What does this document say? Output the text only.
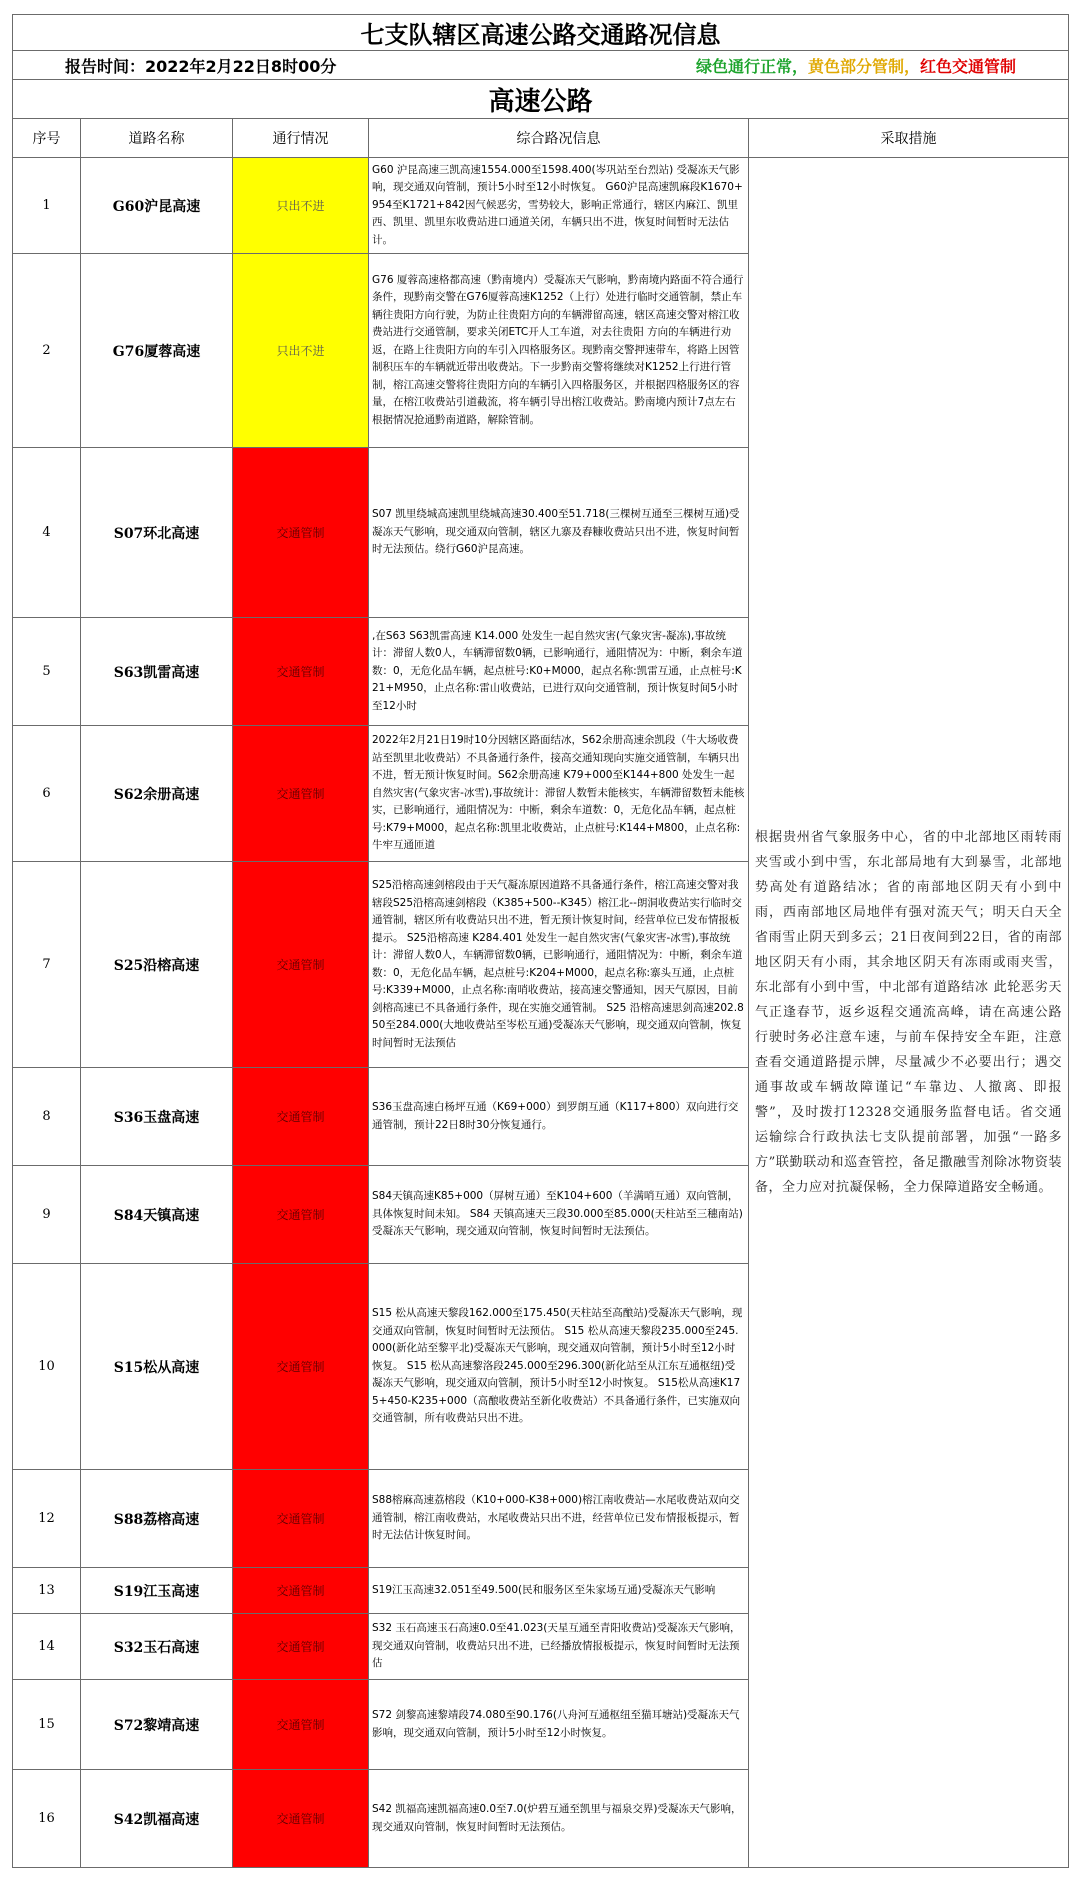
七支队辖区高速公路交通路况信息				
报告时间：2022年2月22日8时00分 绿色通行正常，黄色部分管制，红色交通管制				

高速公路				
序号	道路名称	通行情况	综合路况信息	采取措施
1	G60沪昆高速	只出不进	G60 沪昆高速三凯高速1554.000至1598.400(岑巩站至台烈站) 受凝冻天气影响，现交通双向管制，预计5小时至12小时恢复。 G60沪昆高速凯麻段K1670+954至K1721+842因气候恶劣，雪势较大，影响正常通行，辖区内麻江、凯里西、凯里、凯里东收费站进口通道关闭，车辆只出不进，恢复时间暂时无法估计。	根据贵州省气象服务中心，省的中北部地区雨转雨夹雪或小到中雪，东北部局地有大到暴雪，北部地势高处有道路结冰；省的南部地区阴天有小到中雨，西南部地区局地伴有强对流天气；明天白天全省雨雪止阴天到多云；21日夜间到22日，省的南部地区阴天有小雨，其余地区阴天有冻雨或雨夹雪，东北部有小到中雪，中北部有道路结冰 此轮恶劣天气正逢春节，返乡返程交通流高峰，请在高速公路行驶时务必注意车速，与前车保持安全车距，注意查看交通道路提示牌，尽量减少不必要出行；遇交通事故或车辆故障谨记“车靠边、人撤离、即报警”，及时拨打12328交通服务监督电话。省交通运输综合行政执法七支队提前部署，加强“一路多方”联勤联动和巡查管控，备足撒融雪剂除冰物资装备，全力应对抗凝保畅，全力保障道路安全畅通。
2	G76厦蓉高速	只出不进	G76 厦蓉高速格都高速（黔南境内）受凝冻天气影响，黔南境内路面不符合通行条件，现黔南交警在G76厦蓉高速K1252（上行）处进行临时交通管制，禁止车辆往贵阳方向行驶，为防止往贵阳方向的车辆滞留高速，辖区高速交警对榕江收费站进行交通管制，要求关闭ETC开人工车道，对去往贵阳 方向的车辆进行劝返，在路上往贵阳方向的车引入四格服务区。现黔南交警押速带车，将路上因管制积压车的车辆就近带出收费站。下一步黔南交警将继续对K1252上行进行管制，榕江高速交警将往贵阳方向的车辆引入四格服务区，并根据四格服务区的容量，在榕江收费站引道截流，将车辆引导出榕江收费站。黔南境内预计7点左右根据情况抢通黔南道路，解除管制。	
4	S07环北高速	交通管制	S07 凯里绕城高速凯里绕城高速30.400至51.718(三棵树互通至三棵树互通)受凝冻天气影响，现交通双向管制，辖区九寨及舂糠收费站只出不进，恢复时间暂时无法预估。绕行G60沪昆高速。	
5	S63凯雷高速	交通管制	,在S63 S63凯雷高速 K14.000 处发生一起自然灾害(气象灾害-凝冻),事故统计：滞留人数0人，车辆滞留数0辆，已影响通行，通阻情况为：中断，剩余车道数：0，无危化品车辆，起点桩号:K0+M000，起点名称:凯雷互通，止点桩号:K21+M950，止点名称:雷山收费站，已进行双向交通管制，预计恢复时间5小时至12小时	
6	S62余册高速	交通管制	2022年2月21日19时10分因辖区路面结冰，S62余册高速余凯段（牛大场收费站至凯里北收费站）不具备通行条件，接高交通知现向实施交通管制，车辆只出不进，暂无预计恢复时间。S62余册高速 K79+000至K144+800 处发生一起自然灾害(气象灾害-冰雪),事故统计：滞留人数暂未能核实，车辆滞留数暂未能核实，已影响通行，通阻情况为：中断，剩余车道数：0，无危化品车辆，起点桩号:K79+M000，起点名称:凯里北收费站，止点桩号:K144+M800，止点名称:牛牢互通匝道	
7	S25沿榕高速	交通管制	S25沿榕高速剑榕段由于天气凝冻原因道路不具备通行条件，榕江高速交警对我辖段S25沿榕高速剑榕段（K385+500--K345）榕江北--朗洞收费站实行临时交通管制，辖区所有收费站只出不进，暂无预计恢复时间，经营单位已发布情报板提示。 S25沿榕高速 K284.401 处发生一起自然灾害(气象灾害-冰雪),事故统计：滞留人数0人，车辆滞留数0辆，已影响通行，通阻情况为：中断，剩余车道数：0，无危化品车辆，起点桩号:K204+M000，起点名称:寨头互通，止点桩号:K339+M000，止点名称:南哨收费站，接高速交警通知，因天气原因，目前剑榕高速已不具备通行条件，现在实施交通管制。 S25 沿榕高速思剑高速202.850至284.000(大地收费站至岑松互通)受凝冻天气影响，现交通双向管制，恢复时间暂时无法预估	
8	S36玉盘高速	交通管制	S36玉盘高速白杨坪互通（K69+000）到罗朗互通（K117+800）双向进行交通管制，预计22日8时30分恢复通行。	
9	S84天镇高速	交通管制	S84天镇高速K85+000（屏树互通）至K104+600（羊满哨互通）双向管制，具体恢复时间未知。 S84 天镇高速天三段30.000至85.000(天柱站至三穗南站)受凝冻天气影响，现交通双向管制，恢复时间暂时无法预估。	
10	S15松从高速	交通管制	S15 松从高速天黎段162.000至175.450(天柱站至高酿站)受凝冻天气影响，现交通双向管制，恢复时间暂时无法预估。 S15 松从高速天黎段235.000至245.000(新化站至黎平北)受凝冻天气影响，现交通双向管制，预计5小时至12小时恢复。 S15 松从高速黎洛段245.000至296.300(新化站至从江东互通枢纽)受凝冻天气影响，现交通双向管制，预计5小时至12小时恢复。 S15松从高速K175+450-K235+000（高酿收费站至新化收费站）不具备通行条件，已实施双向交通管制，所有收费站只出不进。	
12	S88荔榕高速	交通管制	S88榕麻高速荔榕段（K10+000-K38+000)榕江南收费站—水尾收费站双向交通管制，榕江南收费站，水尾收费站只出不进，经营单位已发布情报板提示，暂时无法估计恢复时间。	
13	S19江玉高速	交通管制	S19江玉高速32.051至49.500(民和服务区至朱家场互通)受凝冻天气影响	
14	S32玉石高速	交通管制	S32 玉石高速玉石高速0.0至41.023(天星互通至青阳收费站)受凝冻天气影响，现交通双向管制，收费站只出不进，已经播放情报板提示，恢复时间暂时无法预估	
15	S72黎靖高速	交通管制	S72 剑黎高速黎靖段74.080至90.176(八舟河互通枢纽至猫耳塘站)受凝冻天气影响，现交通双向管制，预计5小时至12小时恢复。	
16	S42凯福高速	交通管制	S42 凯福高速凯福高速0.0至7.0(炉碧互通至凯里与福泉交界)受凝冻天气影响，现交通双向管制，恢复时间暂时无法预估。	
